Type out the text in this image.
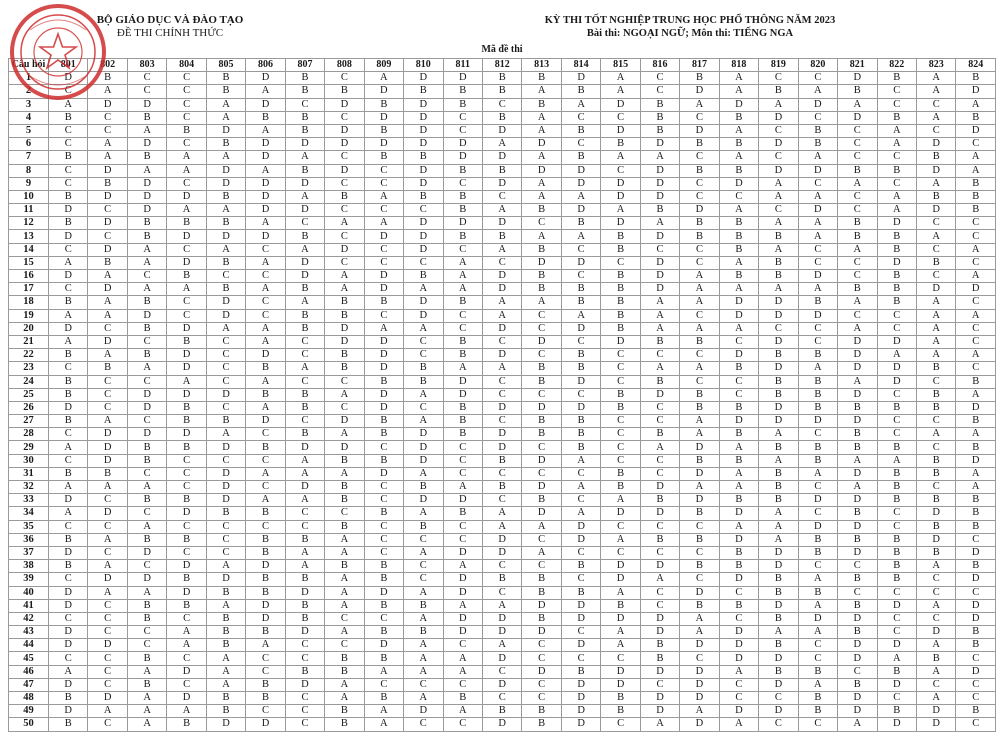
BỘ GIÁO DỤC VÀ ĐÀO TẠO
ĐỀ THI CHÍNH THỨC
KỲ THI TỐT NGHIỆP TRUNG HỌC PHỔ THÔNG NĂM 2023
Bài thi: NGOẠI NGỮ; Môn thi: TIẾNG NGA
Mã đề thi
Câu hỏi	801	802	803	804	805	806	807	808	809	810	811	812	813	814	815	816	817	818	819	820	821	822	823	824
1	D	B	C	C	B	D	B	C	A	D	D	B	B	D	A	C	B	A	C	C	D	B	A	B
2	C	A	C	C	B	A	B	B	D	B	B	B	A	B	A	C	D	A	B	A	B	C	A	D
3	A	D	D	C	A	D	C	D	B	D	B	C	B	A	D	B	A	D	A	D	A	C	C	A
4	B	C	B	C	A	B	B	C	D	D	C	B	A	C	C	B	C	B	D	C	D	B	A	B
5	C	C	A	B	D	A	B	D	B	D	C	D	A	B	D	B	D	A	C	B	C	A	C	D
6	C	A	D	C	B	D	D	D	D	D	D	A	D	C	B	D	B	B	D	B	C	A	D	C
7	B	A	B	A	A	D	A	C	B	B	D	D	A	B	A	A	C	A	C	A	C	C	B	A
8	C	D	A	A	D	A	B	D	C	D	B	B	D	D	C	D	B	B	D	D	B	B	D	A
9	C	B	D	C	D	D	D	C	C	D	C	D	A	D	D	D	C	D	A	C	A	C	A	B
10	B	D	D	D	B	D	A	B	A	B	B	C	A	A	D	D	C	C	A	A	C	A	B	B
11	D	C	D	A	A	D	D	C	C	C	B	A	B	D	A	B	D	A	C	D	C	A	D	B
12	B	D	B	B	B	A	C	A	A	D	D	D	C	B	D	A	B	B	A	A	B	D	C	C
13	D	C	B	D	D	D	B	C	D	D	B	B	A	A	B	D	B	B	B	A	B	B	A	C
14	C	D	A	C	A	C	A	D	C	D	C	A	B	C	B	C	C	B	A	C	A	B	C	A
15	A	B	A	D	B	A	D	C	C	C	A	C	D	D	C	D	C	A	B	C	C	D	B	C
16	D	A	C	B	C	C	D	A	D	B	A	D	B	C	B	D	A	B	B	D	C	B	C	A
17	C	D	A	A	B	A	B	A	D	A	A	D	B	B	B	D	A	A	A	A	B	B	D	D
18	B	A	B	C	D	C	A	B	B	D	B	A	A	B	B	A	A	D	D	B	A	B	A	C
19	A	A	D	C	D	C	B	B	C	D	C	A	C	A	B	A	C	D	D	D	C	C	A	A
20	D	C	B	D	A	A	B	D	A	A	C	D	C	D	B	A	A	A	C	C	A	C	A	C
21	A	D	C	B	C	A	C	D	D	C	B	C	D	C	D	B	B	C	D	C	D	D	A	C
22	B	A	B	D	C	D	C	B	D	C	B	D	C	B	C	C	C	D	B	B	D	A	A	A
23	C	B	A	D	C	B	A	B	D	B	A	A	B	B	C	A	A	B	D	A	D	D	B	C
24	B	C	C	A	C	A	C	C	B	B	D	C	B	D	C	B	C	C	B	B	A	D	C	B
25	B	C	D	D	D	B	B	A	D	A	D	C	C	C	B	D	B	C	B	B	D	C	B	A
26	D	C	D	B	C	A	B	C	D	C	B	D	D	D	B	C	B	B	D	B	B	B	B	D
27	B	A	C	B	B	D	C	D	B	A	B	C	B	B	C	C	A	D	D	D	D	C	C	B
28	C	D	D	D	A	C	B	A	B	D	B	D	B	B	C	B	A	B	A	C	B	C	A	A
29	A	D	B	B	D	B	D	D	C	D	C	D	C	B	C	A	D	A	B	B	B	B	C	B
30	C	D	B	C	C	C	A	B	B	D	C	B	D	A	C	C	B	B	A	B	A	A	B	D
31	B	B	C	C	D	A	A	A	D	A	C	C	C	C	B	C	D	A	B	A	D	B	B	A
32	A	A	A	C	D	C	D	B	C	B	A	B	D	A	B	D	A	A	B	C	A	B	C	A
33	D	C	B	B	D	A	A	B	C	D	D	C	B	C	A	B	D	B	B	D	D	B	B	B
34	A	D	C	D	B	B	C	C	B	A	B	A	D	A	D	D	B	D	A	C	B	C	D	B
35	C	C	A	C	C	C	C	B	C	B	C	A	A	D	C	C	C	A	A	D	D	C	B	B
36	B	A	B	B	C	B	B	A	C	C	C	D	C	D	A	B	B	D	A	B	B	B	D	C
37	D	C	D	C	C	B	A	A	C	A	D	D	A	C	C	C	C	B	D	B	D	B	B	D
38	B	A	C	D	A	D	A	B	B	C	A	C	C	B	D	D	B	B	D	C	C	B	A	B
39	C	D	D	B	D	B	B	A	B	C	D	B	B	C	D	A	C	D	B	A	B	B	C	D
40	D	A	A	D	B	B	D	A	D	A	D	C	B	B	A	C	D	C	B	B	C	C	C	C
41	D	C	B	B	A	D	B	A	B	B	A	A	D	D	B	C	B	B	D	A	B	D	A	D
42	C	C	B	C	B	D	B	C	C	A	D	D	B	D	D	D	A	C	B	D	D	C	C	D
43	D	C	C	A	B	B	D	A	B	B	D	D	D	C	A	D	A	D	A	A	B	C	D	B
44	D	D	C	A	B	A	C	C	D	A	C	A	C	D	A	B	D	D	B	C	D	D	A	B
45	C	C	B	C	A	C	C	B	B	A	A	D	C	C	C	B	C	D	D	C	D	A	B	C
46	A	C	A	D	A	C	B	B	A	A	A	C	D	B	D	D	D	A	B	B	C	B	A	D
47	D	C	B	C	A	B	D	A	C	C	C	D	C	D	D	C	D	C	D	A	B	D	C	C
48	B	D	A	D	B	B	C	A	B	A	B	C	C	D	B	D	D	C	C	B	D	C	A	C
49	D	A	A	A	B	C	C	B	A	D	A	B	B	D	B	D	A	D	D	B	D	B	D	B
50	B	C	A	B	D	D	C	B	A	C	C	D	B	D	C	A	D	A	C	C	A	D	D	C
